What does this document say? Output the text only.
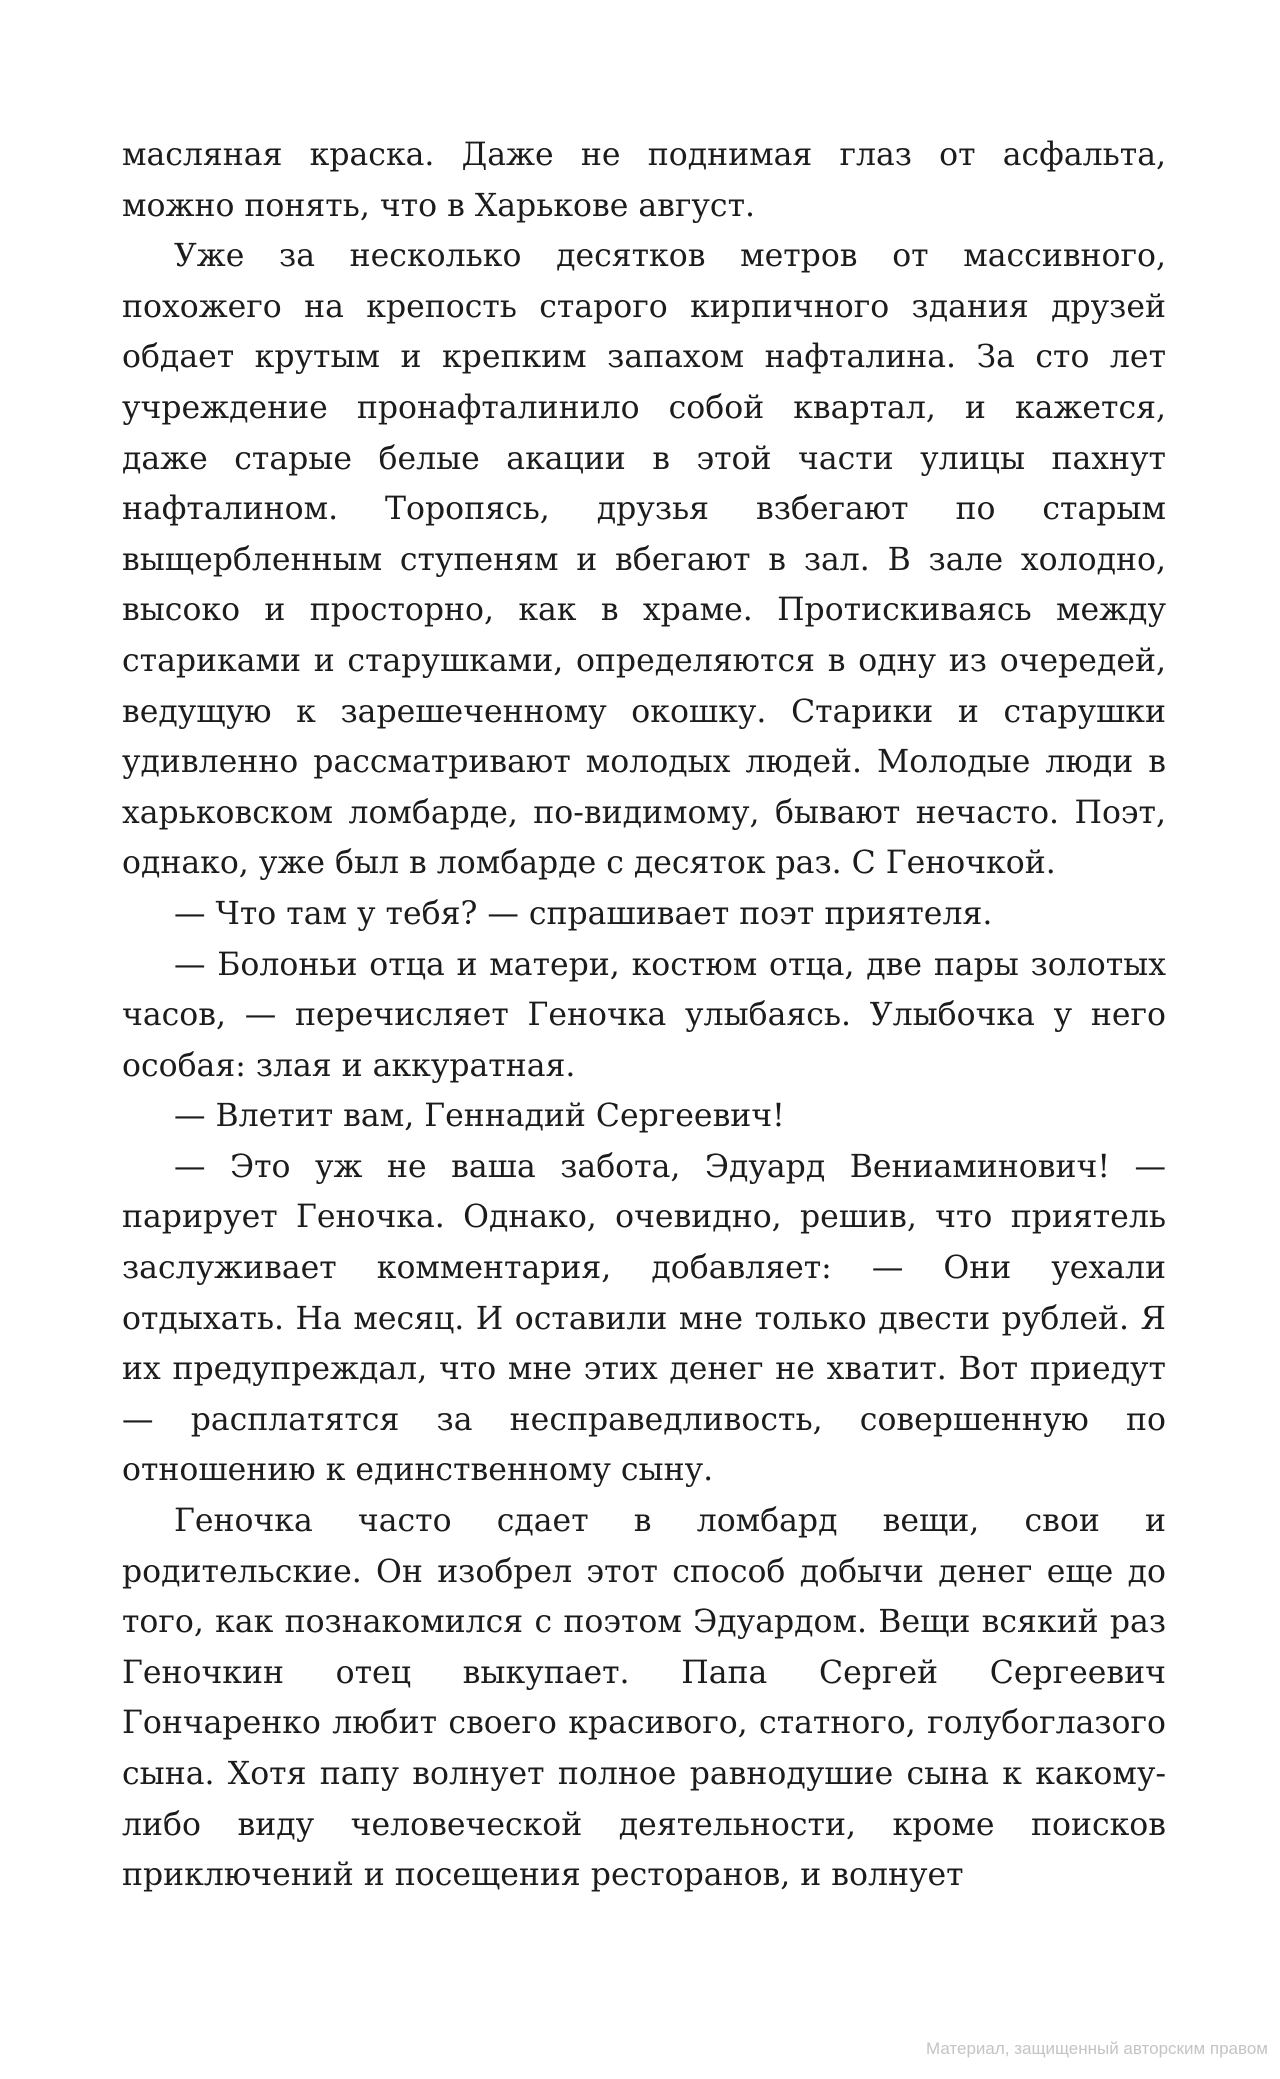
масляная краска. Даже не поднимая глаз от асфальта, можно понять, что в Харькове август.

Уже за несколько десятков метров от массивного, похожего на крепость старого кирпичного здания друзей обдает крутым и крепким запахом нафталина. За сто лет учреждение пронафталинило собой квартал, и кажется, даже старые белые акации в этой части улицы пахнут нафталином. Торопясь, друзья взбегают по старым выщербленным ступеням и вбегают в зал. В зале холодно, высоко и просторно, как в храме. Протискиваясь между стариками и старушками, определяются в одну из очередей, ведущую к зарешеченному окошку. Старики и старушки удивленно рассматривают молодых людей. Молодые люди в харьковском ломбарде, по-видимому, бывают нечасто. Поэт, однако, уже был в ломбарде с десяток раз. С Геночкой.

— Что там у тебя? — спрашивает поэт приятеля.

— Болоньи отца и матери, костюм отца, две пары золотых часов, — перечисляет Геночка улыбаясь. Улыбочка у него особая: злая и аккуратная.

— Влетит вам, Геннадий Сергеевич!

— Это уж не ваша забота, Эдуард Вениаминович! — парирует Геночка. Однако, очевидно, решив, что приятель заслуживает комментария, добавляет: — Они уехали отдыхать. На месяц. И оставили мне только двести рублей. Я их предупреждал, что мне этих денег не хватит. Вот приедут — расплатятся за несправедливость, совершенную по отношению к единственному сыну.

Геночка часто сдает в ломбард вещи, свои и родительские. Он изобрел этот способ добычи денег еще до того, как познакомился с поэтом Эдуардом. Вещи всякий раз Геночкин отец выкупает. Папа Сергей Сергеевич Гончаренко любит своего красивого, статного, голубоглазого сына. Хотя папу волнует полное равнодушие сына к какому-либо виду человеческой деятельности, кроме поисков приключений и посещения ресторанов, и волнует

Материал, защищенный авторским правом
